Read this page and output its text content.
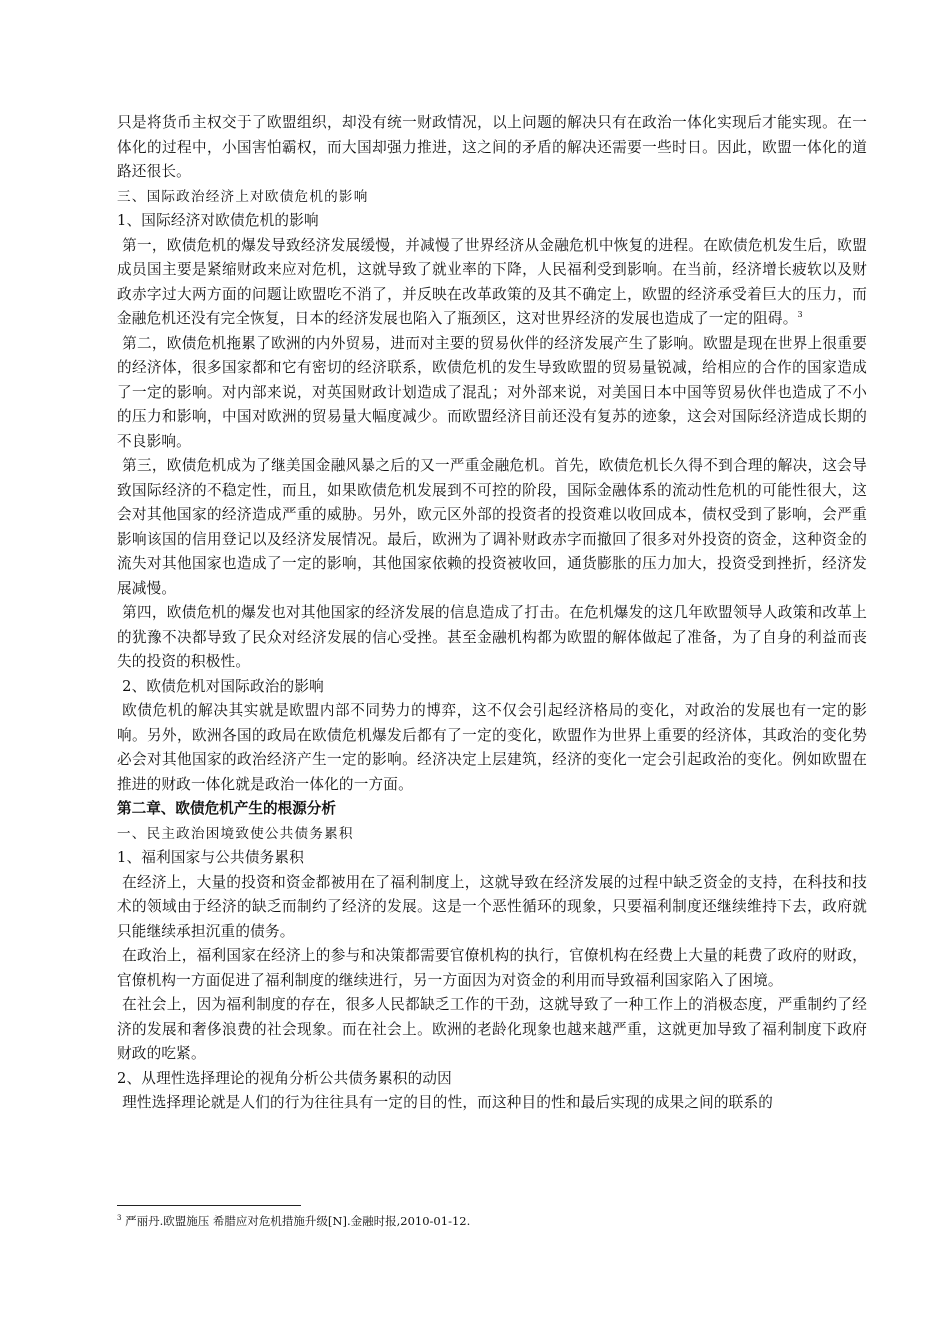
只是将货币主权交于了欧盟组织，却没有统一财政情况，以上问题的解决只有在政治一体化实现后才能实现。在一体化的过程中，小国害怕霸权，而大国却强力推进，这之间的矛盾的解决还需要一些时日。因此，欧盟一体化的道路还很长。

三、国际政治经济上对欧债危机的影响

1、国际经济对欧债危机的影响

第一，欧债危机的爆发导致经济发展缓慢，并减慢了世界经济从金融危机中恢复的进程。在欧债危机发生后，欧盟成员国主要是紧缩财政来应对危机，这就导致了就业率的下降，人民福利受到影响。在当前，经济增长疲软以及财政赤字过大两方面的问题让欧盟吃不消了，并反映在改革政策的及其不确定上，欧盟的经济承受着巨大的压力，而金融危机还没有完全恢复，日本的经济发展也陷入了瓶颈区，这对世界经济的发展也造成了一定的阻碍。$^3$

第二，欧债危机拖累了欧洲的内外贸易，进而对主要的贸易伙伴的经济发展产生了影响。欧盟是现在世界上很重要的经济体，很多国家都和它有密切的经济联系，欧债危机的发生导致欧盟的贸易量锐减，给相应的合作的国家造成了一定的影响。对内部来说，对英国财政计划造成了混乱；对外部来说，对美国日本中国等贸易伙伴也造成了不小的压力和影响，中国对欧洲的贸易量大幅度减少。而欧盟经济目前还没有复苏的迹象，这会对国际经济造成长期的不良影响。

第三，欧债危机成为了继美国金融风暴之后的又一严重金融危机。首先，欧债危机长久得不到合理的解决，这会导致国际经济的不稳定性，而且，如果欧债危机发展到不可控的阶段，国际金融体系的流动性危机的可能性很大，这会对其他国家的经济造成严重的威胁。另外，欧元区外部的投资者的投资难以收回成本，债权受到了影响，会严重影响该国的信用登记以及经济发展情况。最后，欧洲为了调补财政赤字而撤回了很多对外投资的资金，这种资金的流失对其他国家也造成了一定的影响，其他国家依赖的投资被收回，通货膨胀的压力加大，投资受到挫折，经济发展减慢。

第四，欧债危机的爆发也对其他国家的经济发展的信息造成了打击。在危机爆发的这几年欧盟领导人政策和改革上的犹豫不决都导致了民众对经济发展的信心受挫。甚至金融机构都为欧盟的解体做起了准备，为了自身的利益而丧失的投资的积极性。

2、欧债危机对国际政治的影响

欧债危机的解决其实就是欧盟内部不同势力的博弈，这不仅会引起经济格局的变化，对政治的发展也有一定的影响。另外，欧洲各国的政局在欧债危机爆发后都有了一定的变化，欧盟作为世界上重要的经济体，其政治的变化势必会对其他国家的政治经济产生一定的影响。经济决定上层建筑，经济的变化一定会引起政治的变化。例如欧盟在推进的财政一体化就是政治一体化的一方面。

第二章、欧债危机产生的根源分析

一、民主政治困境致使公共债务累积

1、福利国家与公共债务累积

在经济上，大量的投资和资金都被用在了福利制度上，这就导致在经济发展的过程中缺乏资金的支持，在科技和技术的领域由于经济的缺乏而制约了经济的发展。这是一个恶性循环的现象，只要福利制度还继续维持下去，政府就只能继续承担沉重的债务。

在政治上，福利国家在经济上的参与和决策都需要官僚机构的执行，官僚机构在经费上大量的耗费了政府的财政，官僚机构一方面促进了福利制度的继续进行，另一方面因为对资金的利用而导致福利国家陷入了困境。

在社会上，因为福利制度的存在，很多人民都缺乏工作的干劲，这就导致了一种工作上的消极态度，严重制约了经济的发展和奢侈浪费的社会现象。而在社会上。欧洲的老龄化现象也越来越严重，这就更加导致了福利制度下政府财政的吃紧。

2、从理性选择理论的视角分析公共债务累积的动因

理性选择理论就是人们的行为往往具有一定的目的性，而这种目的性和最后实现的成果之间的联系的

$^3$ 严丽丹.欧盟施压 希腊应对危机措施升级[N].金融时报,2010-01-12.
